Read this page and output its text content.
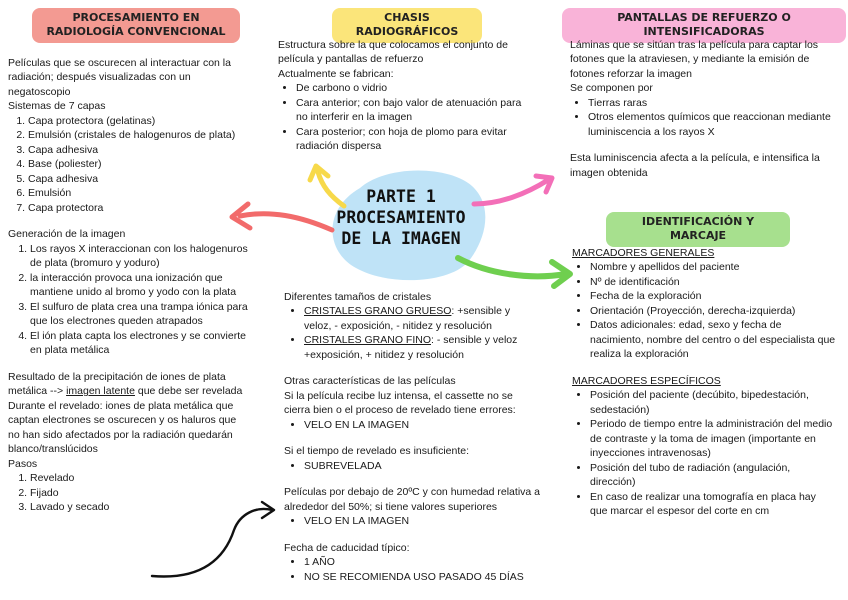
PROCESAMIENTO EN RADIOLOGÍA CONVENCIONAL
CHASIS RADIOGRÁFICOS
PANTALLAS DE REFUERZO O INTENSIFICADORAS
IDENTIFICACIÓN Y MARCAJE
PARTE 1
PROCESAMIENTO
DE LA IMAGEN

Películas que se oscurecen al interactuar con la radiación; después visualizadas con un negatoscopio

Sistemas de 7 capas

1. Capa protectora (gelatinas)
2. Emulsión (cristales de halogenuros de plata)
3. Capa adhesiva
4. Base (poliester)
5. Capa adhesiva
6. Emulsión
7. Capa protectora

Generación de la imagen

1. Los rayos X interaccionan con los halogenuros de plata (bromuro y yoduro)
2. la interacción provoca una ionización que mantiene unido al bromo y yodo con la plata
3. El sulfuro de plata crea una trampa iónica para que los electrones queden atrapados
4. El ión plata capta los electrones y se convierte en plata metálica

Resultado de la precipitación de iones de plata metálica --> imagen latente que debe ser revelada

Durante el revelado: iones de plata metálica que captan electrones se oscurecen y os haluros que no han sido afectados por la radiación quedarán blanco/translúcidos

Pasos

1. Revelado
2. Fijado
3. Lavado y secado

Estructura sobre la que colocamos el conjunto de película y pantallas de refuerzo

Actualmente se fabrican:

• De carbono o vidrio
• Cara anterior; con bajo valor de atenuación para no interferir en la imagen
• Cara posterior; con hoja de plomo para evitar radiación dispersa

Diferentes tamaños de cristales

• CRISTALES GRANO GRUESO: +sensible y veloz, - exposición, - nitidez y resolución
• CRISTALES GRANO FINO: - sensible y veloz +exposición, + nitidez y resolución

Otras características de las películas

Si la película recibe luz intensa, el cassette no se cierra bien o el proceso de revelado tiene errores:

• VELO EN LA IMAGEN

Si el tiempo de revelado es insuficiente:

• SUBREVELADA

Películas por debajo de 20ºC y con humedad relativa a alrededor del 50%; si tiene valores superiores

• VELO EN LA IMAGEN

Fecha de caducidad típico:

• 1 AÑO
• NO SE RECOMIENDA USO PASADO 45 DÍAS

Láminas que se sitúan tras la película para captar los fotones que la atraviesen, y mediante la emisión de fotones reforzar la imagen

Se componen por

• Tierras raras
• Otros elementos químicos que reaccionan mediante luminiscencia a los rayos X

Esta luminiscencia afecta a la película, e intensifica la imagen obtenida

MARCADORES GENERALES

• Nombre y apellidos del paciente
• Nº de identificación
• Fecha de la exploración
• Orientación (Proyección, derecha-izquierda)
• Datos adicionales: edad, sexo y fecha de nacimiento, nombre del centro o del especialista que realiza la exploración

MARCADORES ESPECÍFICOS

• Posición del paciente (decúbito, bipedestación, sedestación)
• Periodo de tiempo entre la administración del medio de contraste y la toma de imagen (importante en inyecciones intravenosas)
• Posición del tubo de radiación (angulación, dirección)
• En caso de realizar una tomografía en placa hay que marcar el espesor del corte en cm
